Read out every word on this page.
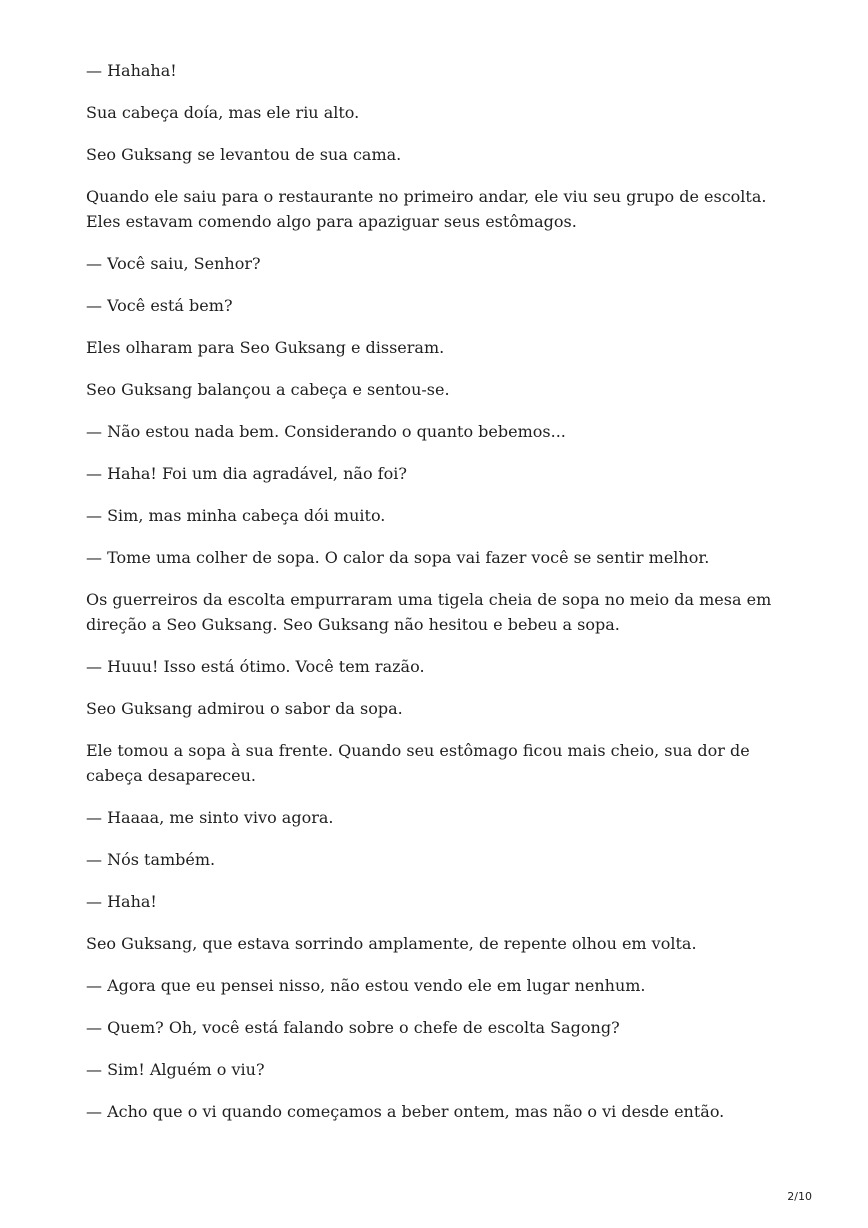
— Hahaha!

Sua cabeça doía, mas ele riu alto.

Seo Guksang se levantou de sua cama.

Quando ele saiu para o restaurante no primeiro andar, ele viu seu grupo de escolta. Eles estavam comendo algo para apaziguar seus estômagos.

— Você saiu, Senhor?

— Você está bem?

Eles olharam para Seo Guksang e disseram.

Seo Guksang balançou a cabeça e sentou-se.

— Não estou nada bem. Considerando o quanto bebemos...

— Haha! Foi um dia agradável, não foi?

— Sim, mas minha cabeça dói muito.

— Tome uma colher de sopa. O calor da sopa vai fazer você se sentir melhor.

Os guerreiros da escolta empurraram uma tigela cheia de sopa no meio da mesa em direção a Seo Guksang. Seo Guksang não hesitou e bebeu a sopa.

— Huuu! Isso está ótimo. Você tem razão.

Seo Guksang admirou o sabor da sopa.

Ele tomou a sopa à sua frente. Quando seu estômago ficou mais cheio, sua dor de cabeça desapareceu.

— Haaaa, me sinto vivo agora.

— Nós também.

— Haha!

Seo Guksang, que estava sorrindo amplamente, de repente olhou em volta.

— Agora que eu pensei nisso, não estou vendo ele em lugar nenhum.

— Quem? Oh, você está falando sobre o chefe de escolta Sagong?

— Sim! Alguém o viu?

— Acho que o vi quando começamos a beber ontem, mas não o vi desde então.

2/10
